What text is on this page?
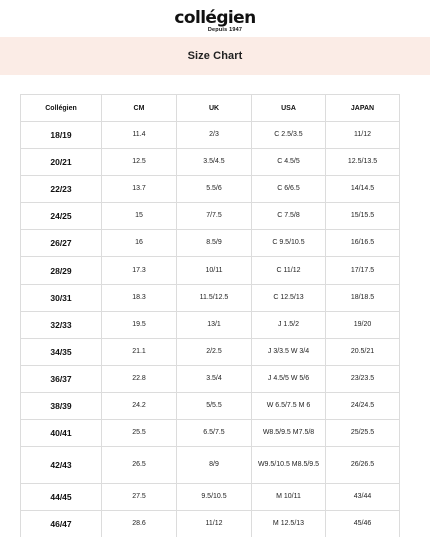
collégien
Depuis 1947
Size Chart
Collégien	CM	UK	USA	JAPAN
18/19	11.4	2/3	C 2.5/3.5	11/12
20/21	12.5	3.5/4.5	C 4.5/5	12.5/13.5
22/23	13.7	5.5/6	C 6/6.5	14/14.5
24/25	15	7/7.5	C 7.5/8	15/15.5
26/27	16	8.5/9	C 9.5/10.5	16/16.5
28/29	17.3	10/11	C 11/12	17/17.5
30/31	18.3	11.5/12.5	C 12.5/13	18/18.5
32/33	19.5	13/1	J 1.5/2	19/20
34/35	21.1	2/2.5	J 3/3.5 W 3/4	20.5/21
36/37	22.8	3.5/4	J 4.5/5 W 5/6	23/23.5
38/39	24.2	5/5.5	W 6.5/7.5 M 6	24/24.5
40/41	25.5	6.5/7.5	W8.5/9.5 M7.5/8	25/25.5
42/43	26.5	8/9	W9.5/10.5 M8.5/9.5	26/26.5
44/45	27.5	9.5/10.5	M 10/11	43/44
46/47	28.6	11/12	M 12.5/13	45/46
